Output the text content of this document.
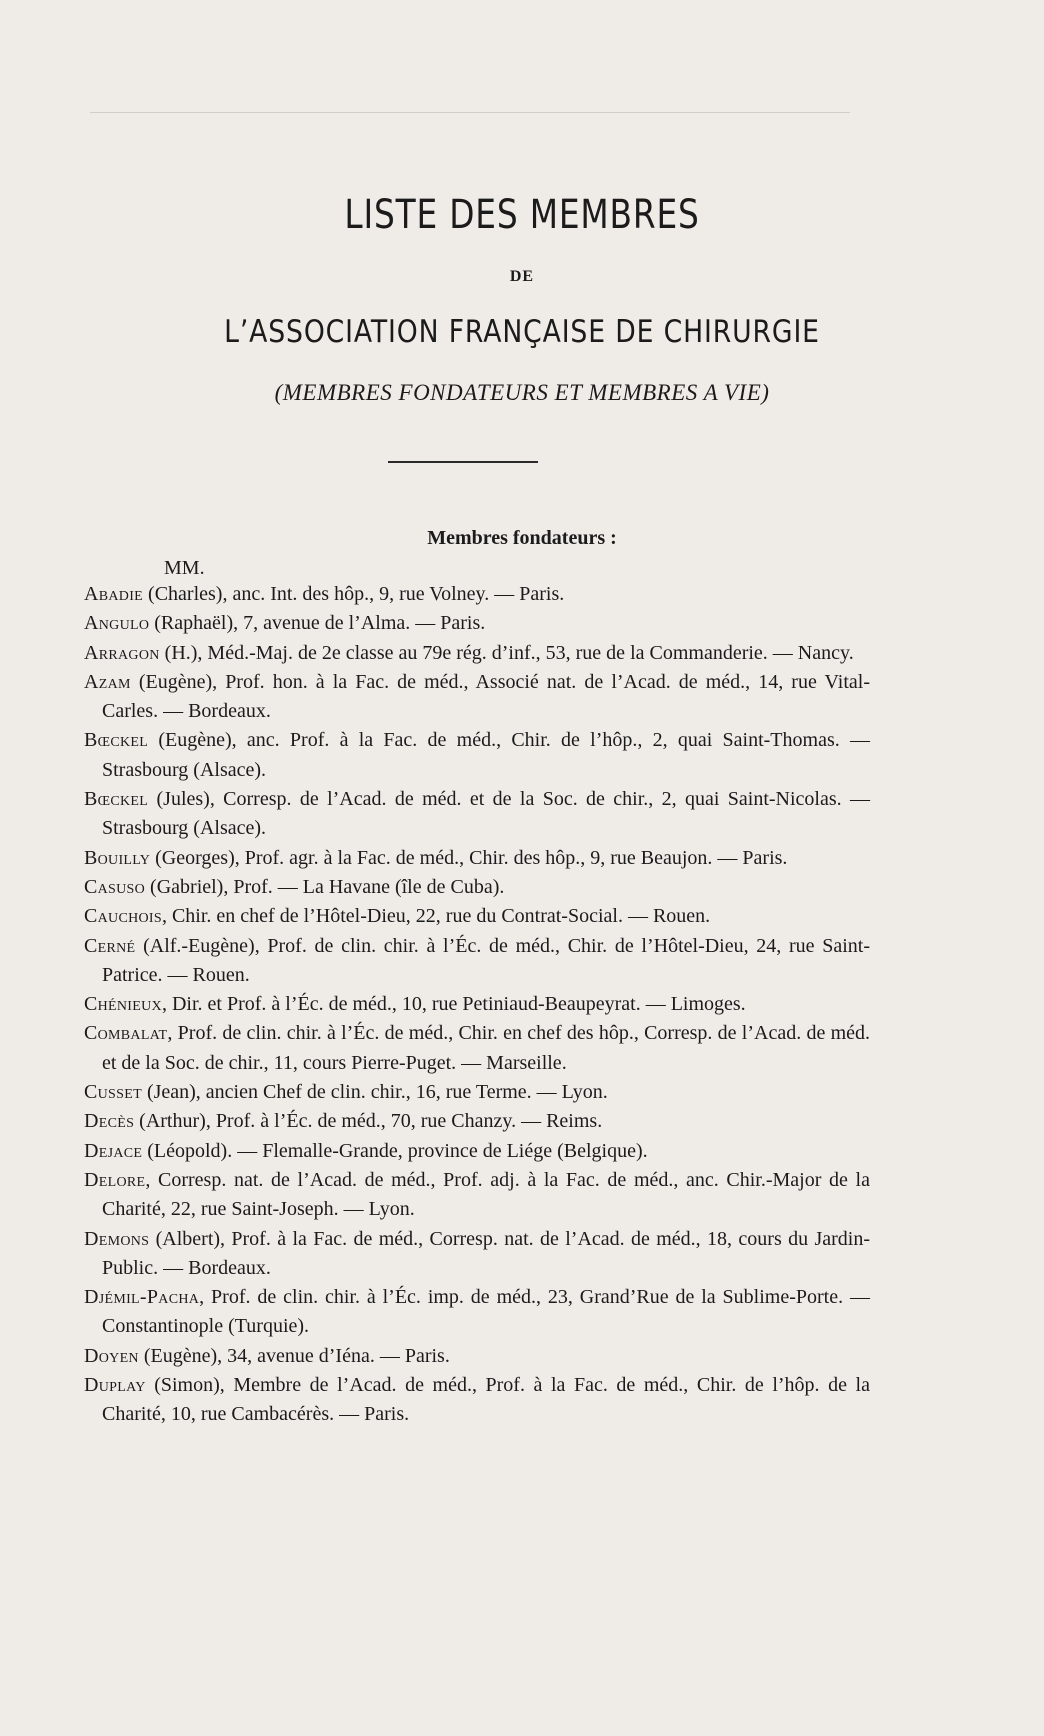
LISTE DES MEMBRES
DE
L’ASSOCIATION FRANÇAISE DE CHIRURGIE
(MEMBRES FONDATEURS ET MEMBRES A VIE)
Membres fondateurs :
MM.

Abadie (Charles), anc. Int. des hôp., 9, rue Volney. — Paris.

Angulo (Raphaël), 7, avenue de l’Alma. — Paris.

Arragon (H.), Méd.-Maj. de 2e classe au 79e rég. d’inf., 53, rue de la Commanderie. — Nancy.

Azam (Eugène), Prof. hon. à la Fac. de méd., Associé nat. de l’Acad. de méd., 14, rue Vital-Carles. — Bordeaux.

Bœckel (Eugène), anc. Prof. à la Fac. de méd., Chir. de l’hôp., 2, quai Saint-Thomas. — Strasbourg (Alsace).

Bœckel (Jules), Corresp. de l’Acad. de méd. et de la Soc. de chir., 2, quai Saint-Nicolas. — Strasbourg (Alsace).

Bouilly (Georges), Prof. agr. à la Fac. de méd., Chir. des hôp., 9, rue Beaujon. — Paris.

Casuso (Gabriel), Prof. — La Havane (île de Cuba).

Cauchois, Chir. en chef de l’Hôtel-Dieu, 22, rue du Contrat-Social. — Rouen.

Cerné (Alf.-Eugène), Prof. de clin. chir. à l’Éc. de méd., Chir. de l’Hôtel-Dieu, 24, rue Saint-Patrice. — Rouen.

Chénieux, Dir. et Prof. à l’Éc. de méd., 10, rue Petiniaud-Beaupeyrat. — Limoges.

Combalat, Prof. de clin. chir. à l’Éc. de méd., Chir. en chef des hôp., Corresp. de l’Acad. de méd. et de la Soc. de chir., 11, cours Pierre-Puget. — Marseille.

Cusset (Jean), ancien Chef de clin. chir., 16, rue Terme. — Lyon.

Decès (Arthur), Prof. à l’Éc. de méd., 70, rue Chanzy. — Reims.

Dejace (Léopold). — Flemalle-Grande, province de Liége (Belgique).

Delore, Corresp. nat. de l’Acad. de méd., Prof. adj. à la Fac. de méd., anc. Chir.-Major de la Charité, 22, rue Saint-Joseph. — Lyon.

Demons (Albert), Prof. à la Fac. de méd., Corresp. nat. de l’Acad. de méd., 18, cours du Jardin-Public. — Bordeaux.

Djémil-Pacha, Prof. de clin. chir. à l’Éc. imp. de méd., 23, Grand’Rue de la Sublime-Porte. — Constantinople (Turquie).

Doyen (Eugène), 34, avenue d’Iéna. — Paris.

Duplay (Simon), Membre de l’Acad. de méd., Prof. à la Fac. de méd., Chir. de l’hôp. de la Charité, 10, rue Cambacérès. — Paris.
